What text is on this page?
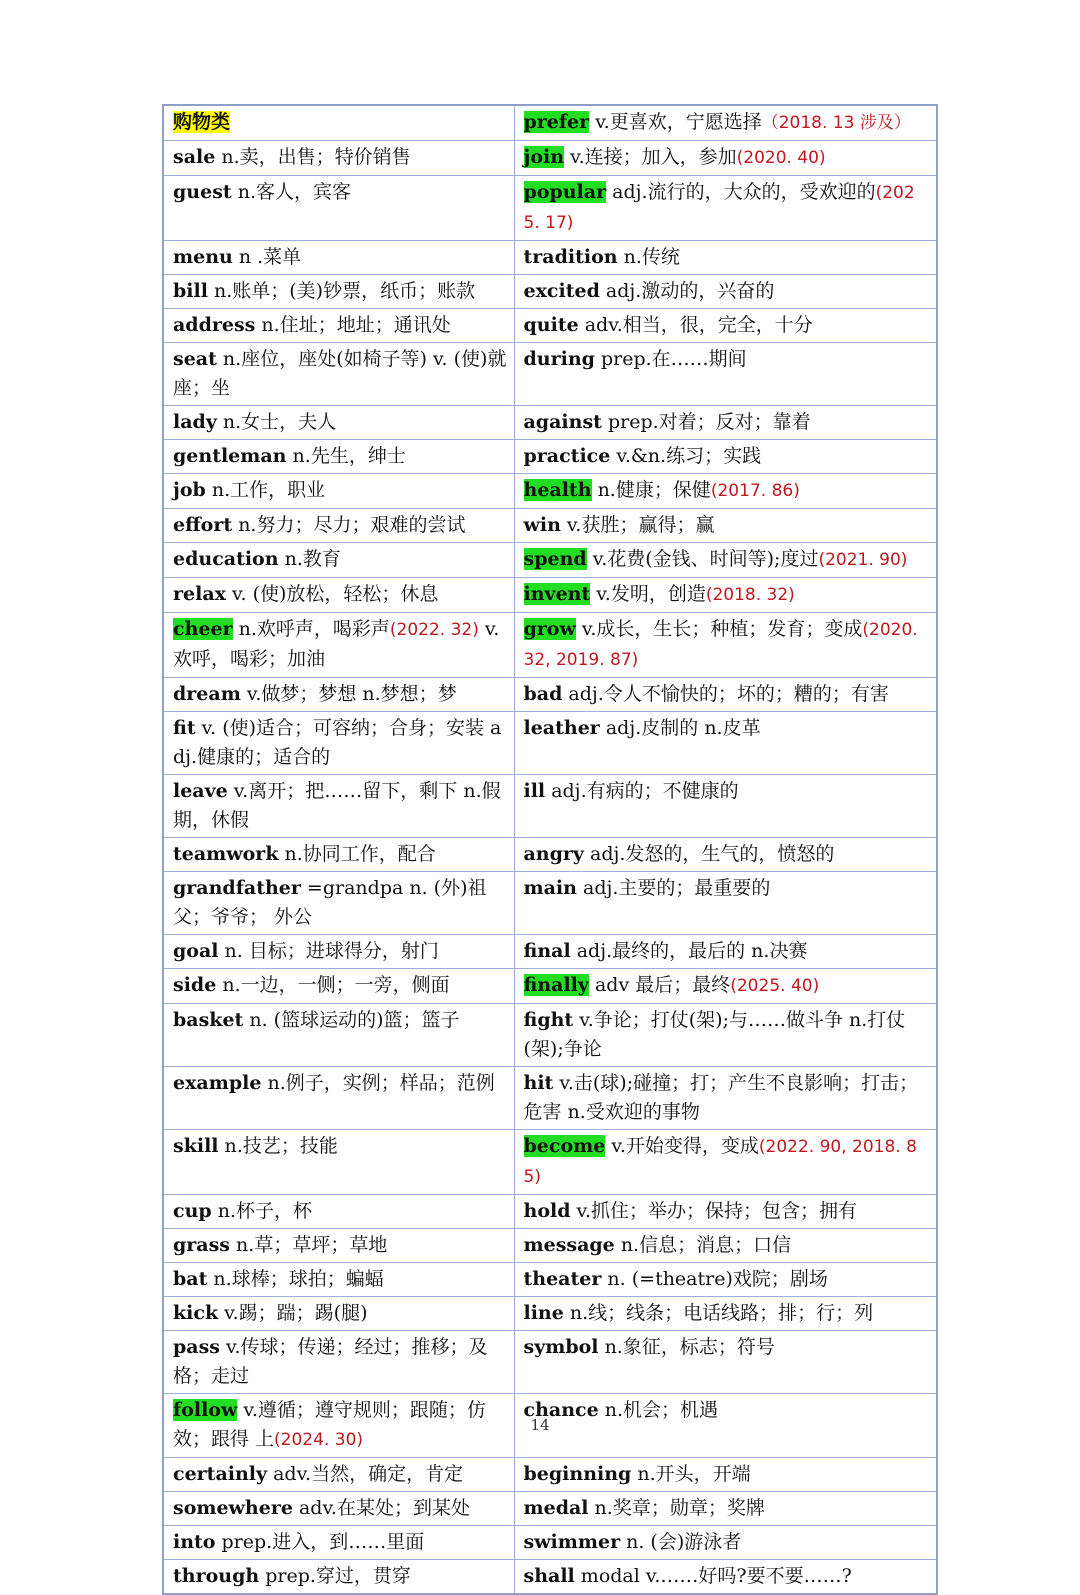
购物类	prefer v.更喜欢，宁愿选择（2018. 13 涉及）
sale n.卖，出售；特价销售	join v.连接；加入，参加(2020. 40)
guest n.客人，宾客	popular adj.流行的，大众的，受欢迎的(2025. 17)
menu n .菜单	tradition n.传统
bill n.账单；(美)钞票，纸币；账款	excited adj.激动的，兴奋的
address n.住址；地址；通讯处	quite adv.相当，很，完全，十分
seat n.座位，座处(如椅子等) v. (使)就座；坐	during prep.在……期间
lady n.女士，夫人	against prep.对着；反对；靠着
gentleman n.先生，绅士	practice v.&n.练习；实践
job n.工作，职业	health n.健康；保健(2017. 86)
effort n.努力；尽力；艰难的尝试	win v.获胜；赢得；赢
education n.教育	spend v.花费(金钱、时间等);度过(2021. 90)
relax v. (使)放松，轻松；休息	invent v.发明，创造(2018. 32)
cheer n.欢呼声，喝彩声(2022. 32) v.欢呼，喝彩；加油	grow v.成长，生长；种植；发育；变成(2020. 32, 2019. 87)
dream v.做梦；梦想 n.梦想；梦	bad adj.令人不愉快的；坏的；糟的；有害
fit v. (使)适合；可容纳；合身；安装 adj.健康的；适合的	leather adj.皮制的 n.皮革
leave v.离开；把……留下，剩下 n.假期，休假	ill adj.有病的；不健康的
teamwork n.协同工作，配合	angry adj.发怒的，生气的，愤怒的
grandfather =grandpa n. (外)祖父；爷爷； 外公	main adj.主要的；最重要的
goal n. 目标；进球得分，射门	final adj.最终的，最后的 n.决赛
side n.一边，一侧；一旁，侧面	finally adv 最后；最终(2025. 40)
basket n. (篮球运动的)篮；篮子	fight v.争论；打仗(架);与……做斗争 n.打仗(架);争论
example n.例子，实例；样品；范例	hit v.击(球);碰撞；打；产生不良影响；打击；危害 n.受欢迎的事物
skill n.技艺；技能	become v.开始变得，变成(2022. 90, 2018. 85)
cup n.杯子，杯	hold v.抓住；举办；保持；包含；拥有
grass n.草；草坪；草地	message n.信息；消息；口信
bat n.球棒；球拍；蝙蝠	theater n. (=theatre)戏院；剧场
kick v.踢；踹；踢(腿)	line n.线；线条；电话线路；排；行；列
pass v.传球；传递；经过；推移；及格；走过	symbol n.象征，标志；符号
follow v.遵循；遵守规则；跟随；仿效；跟得 上(2024. 30)	chance n.机会；机遇
certainly adv.当然，确定，肯定	beginning n.开头，开端
somewhere adv.在某处；到某处	medal n.奖章；勋章；奖牌
into prep.进入，到……里面	swimmer n. (会)游泳者
through prep.穿过，贯穿	shall modal v.……好吗?要不要……?
14
